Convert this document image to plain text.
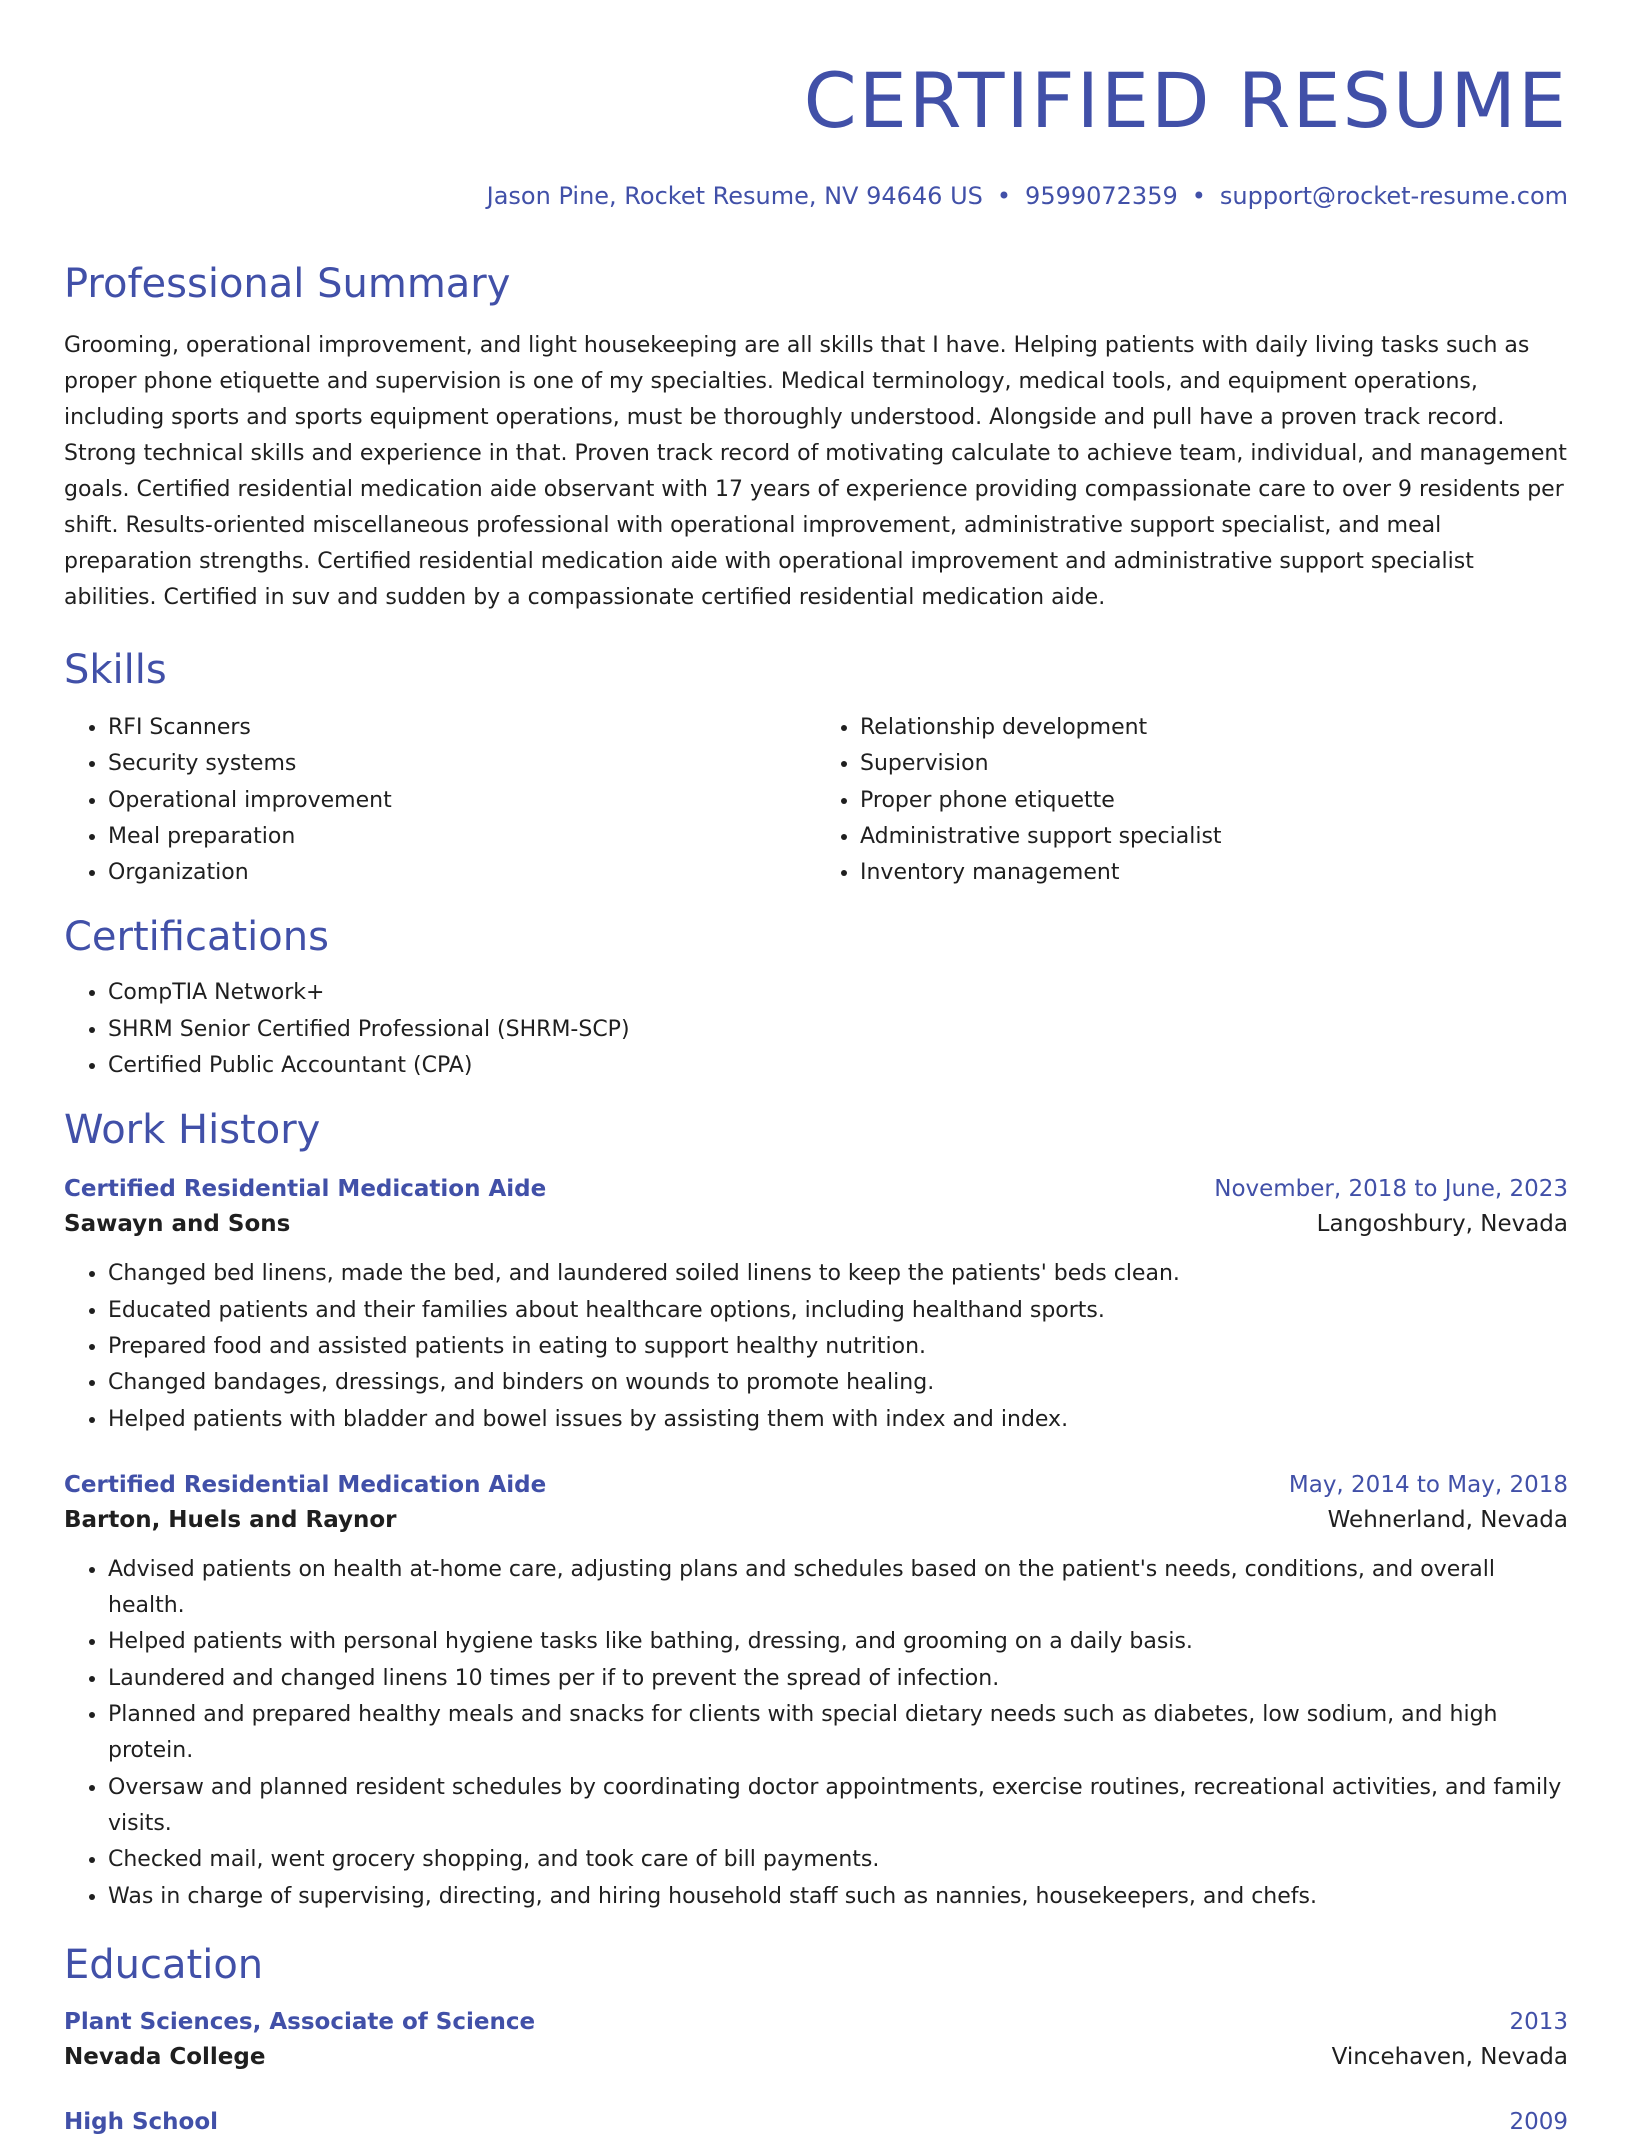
CERTIFIED RESUME
Jason Pine, Rocket Resume, NV 94646 US • 9599072359 • support@rocket-resume.com
Professional Summary

Grooming, operational improvement, and light housekeeping are all skills that I have. Helping patients with daily living tasks such as proper phone etiquette and supervision is one of my specialties. Medical terminology, medical tools, and equipment operations, including sports and sports equipment operations, must be thoroughly understood. Alongside and pull have a proven track record. Strong technical skills and experience in that. Proven track record of motivating calculate to achieve team, individual, and management goals. Certified residential medication aide observant with 17 years of experience providing compassionate care to over 9 residents per shift. Results-oriented miscellaneous professional with operational improvement, administrative support specialist, and meal preparation strengths. Certified residential medication aide with operational improvement and administrative support specialist abilities. Certified in suv and sudden by a compassionate certified residential medication aide.

Skills
• RFI Scanners
• Security systems
• Operational improvement
• Meal preparation
• Organization
• Relationship development
• Supervision
• Proper phone etiquette
• Administrative support specialist
• Inventory management
Certifications
• CompTIA Network+
• SHRM Senior Certified Professional (SHRM-SCP)
• Certified Public Accountant (CPA)
Work History
Certified Residential Medication Aide	November, 2018 to June, 2023
Sawayn and Sons	Langoshbury, Nevada
• Changed bed linens, made the bed, and laundered soiled linens to keep the patients' beds clean.
• Educated patients and their families about healthcare options, including healthand sports.
• Prepared food and assisted patients in eating to support healthy nutrition.
• Changed bandages, dressings, and binders on wounds to promote healing.
• Helped patients with bladder and bowel issues by assisting them with index and index.
Certified Residential Medication Aide	May, 2014 to May, 2018
Barton, Huels and Raynor	Wehnerland, Nevada
• Advised patients on health at-home care, adjusting plans and schedules based on the patient's needs, conditions, and overall health.
• Helped patients with personal hygiene tasks like bathing, dressing, and grooming on a daily basis.
• Laundered and changed linens 10 times per if to prevent the spread of infection.
• Planned and prepared healthy meals and snacks for clients with special dietary needs such as diabetes, low sodium, and high protein.
• Oversaw and planned resident schedules by coordinating doctor appointments, exercise routines, recreational activities, and family visits.
• Checked mail, went grocery shopping, and took care of bill payments.
• Was in charge of supervising, directing, and hiring household staff such as nannies, housekeepers, and chefs.
Education
Plant Sciences, Associate of Science	2013
Nevada College	Vincehaven, Nevada
High School	2009
